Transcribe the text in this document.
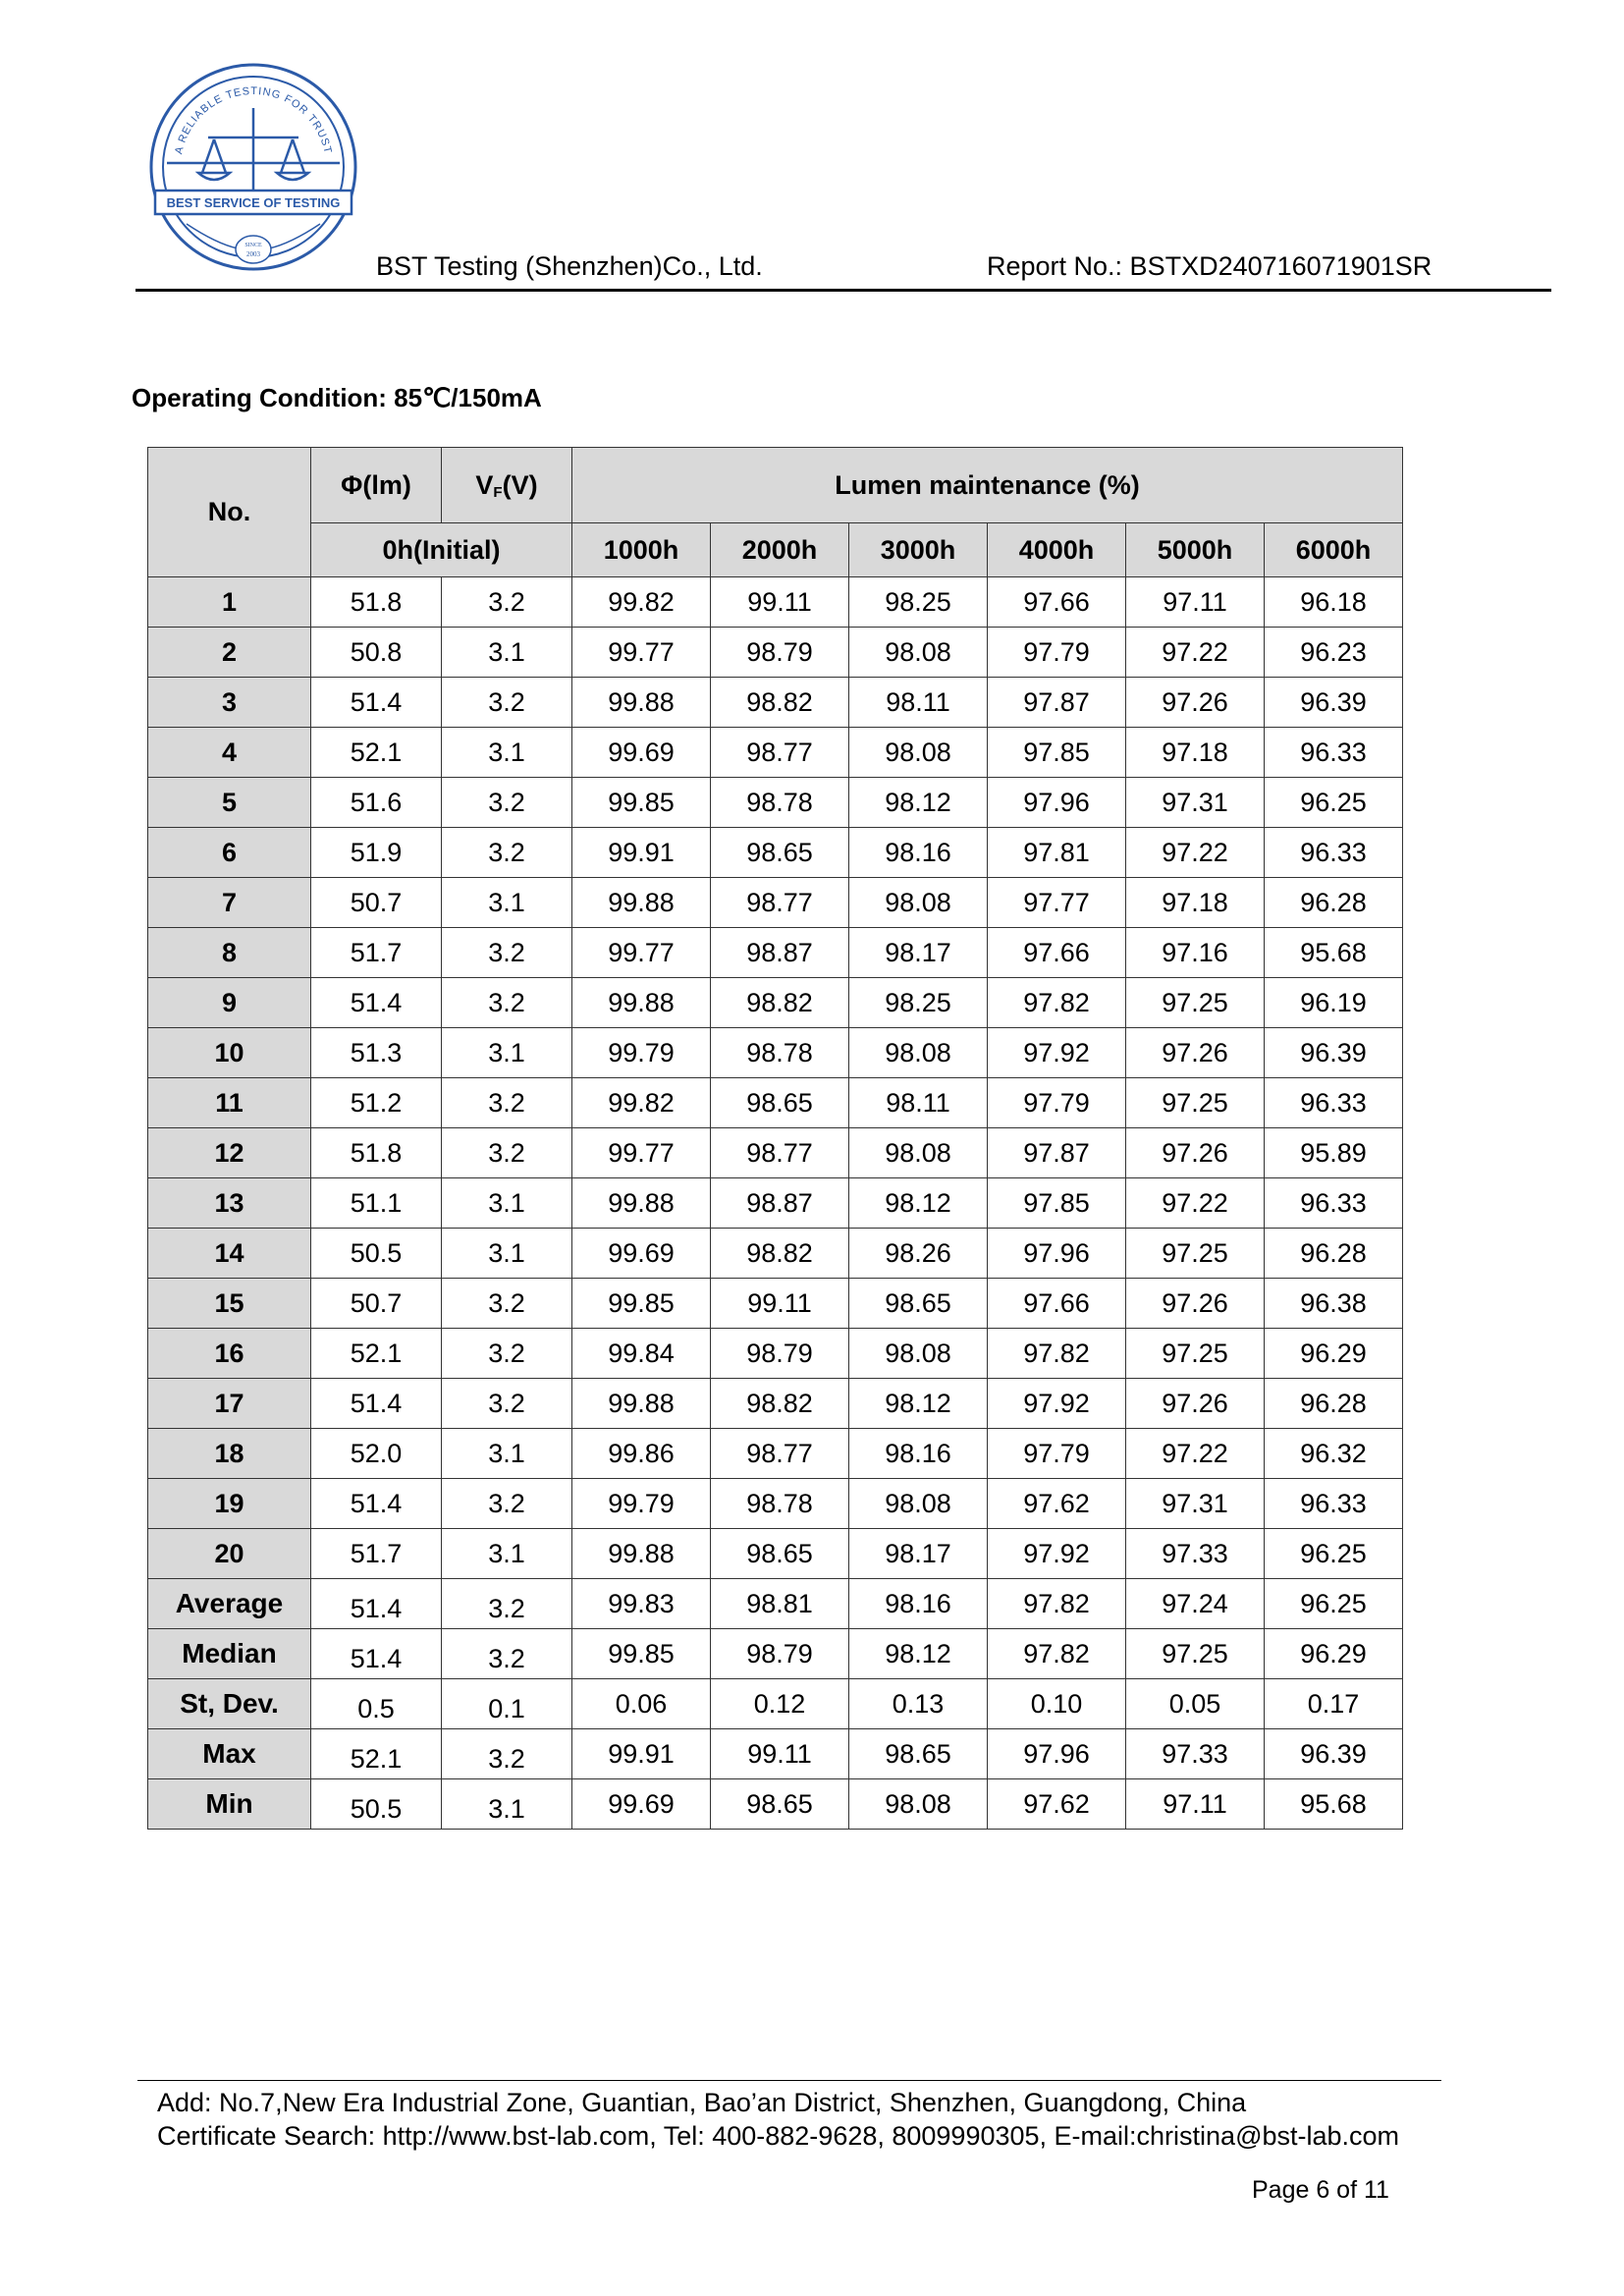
A RELIABLE TESTING FOR TRUST
BEST SERVICE OF TESTING
SINCE
2003	BST Testing (Shenzhen)Co., Ltd.	Report No.: BSTXD240716071901SR
Operating Condition: 85℃/150mA
No.	Φ(lm)	$V_F(V)$	Lumen maintenance (%)					
	0h(Initial)		1000h	2000h	3000h	4000h	5000h	6000h
1	51.8	3.2	99.82	99.11	98.25	97.66	97.11	96.18
2	50.8	3.1	99.77	98.79	98.08	97.79	97.22	96.23
3	51.4	3.2	99.88	98.82	98.11	97.87	97.26	96.39
4	52.1	3.1	99.69	98.77	98.08	97.85	97.18	96.33
5	51.6	3.2	99.85	98.78	98.12	97.96	97.31	96.25
6	51.9	3.2	99.91	98.65	98.16	97.81	97.22	96.33
7	50.7	3.1	99.88	98.77	98.08	97.77	97.18	96.28
8	51.7	3.2	99.77	98.87	98.17	97.66	97.16	95.68
9	51.4	3.2	99.88	98.82	98.25	97.82	97.25	96.19
10	51.3	3.1	99.79	98.78	98.08	97.92	97.26	96.39
11	51.2	3.2	99.82	98.65	98.11	97.79	97.25	96.33
12	51.8	3.2	99.77	98.77	98.08	97.87	97.26	95.89
13	51.1	3.1	99.88	98.87	98.12	97.85	97.22	96.33
14	50.5	3.1	99.69	98.82	98.26	97.96	97.25	96.28
15	50.7	3.2	99.85	99.11	98.65	97.66	97.26	96.38
16	52.1	3.2	99.84	98.79	98.08	97.82	97.25	96.29
17	51.4	3.2	99.88	98.82	98.12	97.92	97.26	96.28
18	52.0	3.1	99.86	98.77	98.16	97.79	97.22	96.32
19	51.4	3.2	99.79	98.78	98.08	97.62	97.31	96.33
20	51.7	3.1	99.88	98.65	98.17	97.92	97.33	96.25
Average	51.4	3.2	99.83	98.81	98.16	97.82	97.24	96.25
Median	51.4	3.2	99.85	98.79	98.12	97.82	97.25	96.29
St, Dev.	0.5	0.1	0.06	0.12	0.13	0.10	0.05	0.17
Max	52.1	3.2	99.91	99.11	98.65	97.96	97.33	96.39
Min	50.5	3.1	99.69	98.65	98.08	97.62	97.11	95.68
Add: No.7,New Era Industrial Zone, Guantian, Bao’an District, Shenzhen, Guangdong, China
Certificate Search: http://www.bst-lab.com, Tel: 400-882-9628, 8009990305, E-mail:christina@bst-lab.com
Page 6 of 11
